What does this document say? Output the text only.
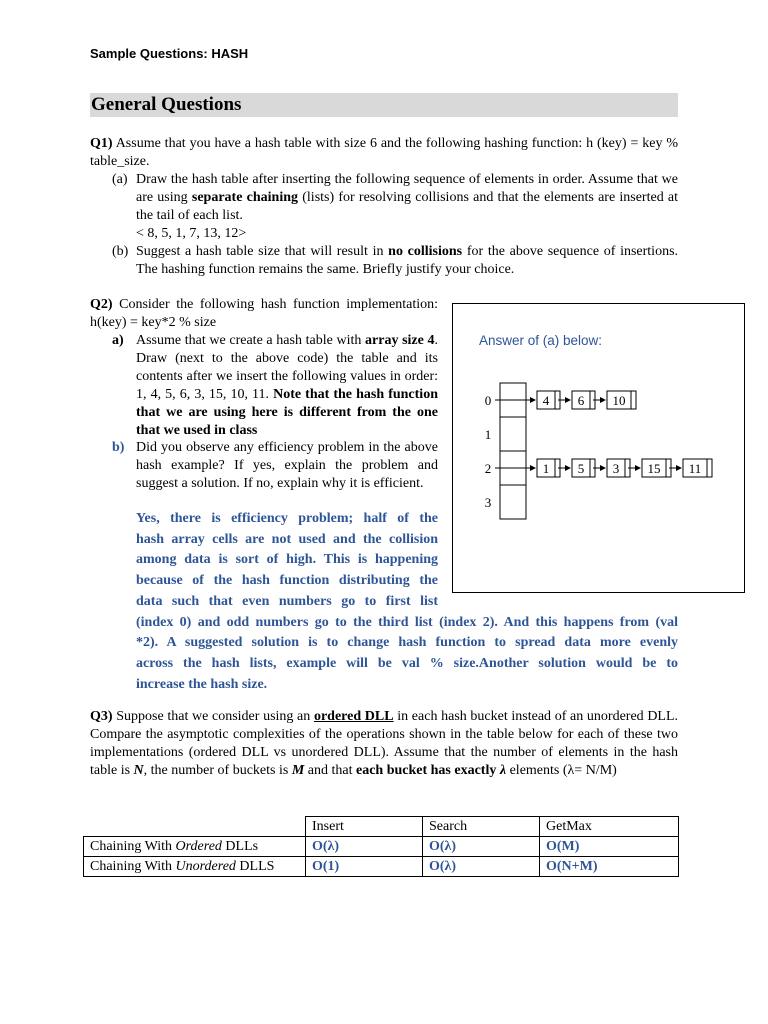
Sample Questions: HASH
General Questions
Q1) Assume that you have a hash table with size 6 and the following hashing function: h (key) = key % table_size.
(a) Draw the hash table after inserting the following sequence of elements in order. Assume that we are using separate chaining (lists) for resolving collisions and that the elements are inserted at the tail of each list.
< 8, 5, 1, 7, 13, 12>
(b) Suggest a hash table size that will result in no collisions for the above sequence of insertions. The hashing function remains the same. Briefly justify your choice.
Q2) Consider the following hash function implementation: h(key) = key*2 % size
a) Assume that we create a hash table with array size 4. Draw (next to the above code) the table and its contents after we insert the following values in order: 1, 4, 5, 6, 3, 15, 10, 11. Note that the hash function that we are using here is different from the one that we used in class
b) Did you observe any efficiency problem in the above hash example? If yes, explain the problem and suggest a solution. If no, explain why it is efficient.
Answer of (a) below:
0
1
2
3
4 6 10
1 5 3 15 11
Q3) Suppose that we consider using an ordered DLL in each hash bucket instead of an unordered DLL. Compare the asymptotic complexities of the operations shown in the table below for each of these two implementations (ordered DLL vs unordered DLL). Assume that the number of elements in the hash table is N, the number of buckets is M and that each bucket has exactly λ elements (λ= N/M)
	Insert	Search	GetMax
Chaining With Ordered DLLs	O(λ)	O(λ)	O(M)
Chaining With Unordered DLLS	O(1)	O(λ)	O(N+M)
Yes, there is efficiency problem; half of the
hash array cells are not used and the collision
among data is sort of high. This is happening
because of the hash function distributing the
data such that even numbers go to first list
(index 0) and odd numbers go to the third list (index 2). And this happens from (val
*2). A suggested solution is to change hash function to spread data more evenly
across the hash lists, example will be val % size.Another solution would be to
increase the hash size.
